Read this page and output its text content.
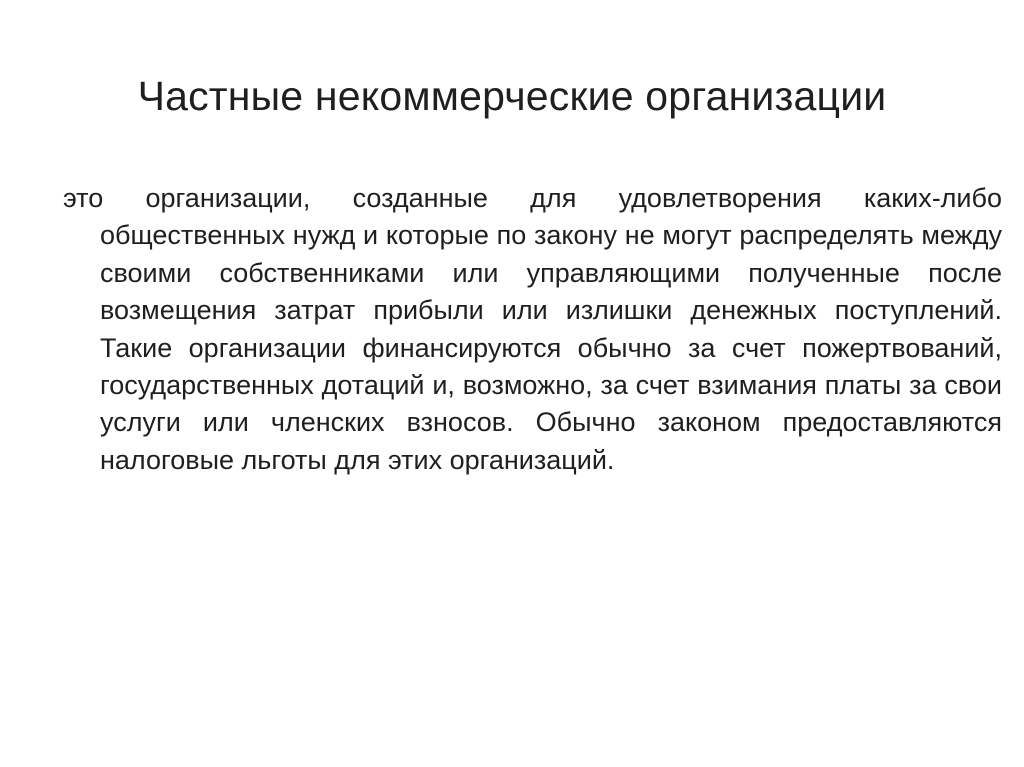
Частные некоммерческие организации

это организации, созданные для удовлетворения каких-либо общественных нужд и которые по закону не могут распределять между своими собственниками или управляющими полученные после возмещения затрат прибыли или излишки денежных поступлений. Такие организации финансируются обычно за счет пожертвований, государственных дотаций и, возможно, за счет взимания платы за свои услуги или членских взносов. Обычно законом предоставляются налоговые льготы для этих организаций.
